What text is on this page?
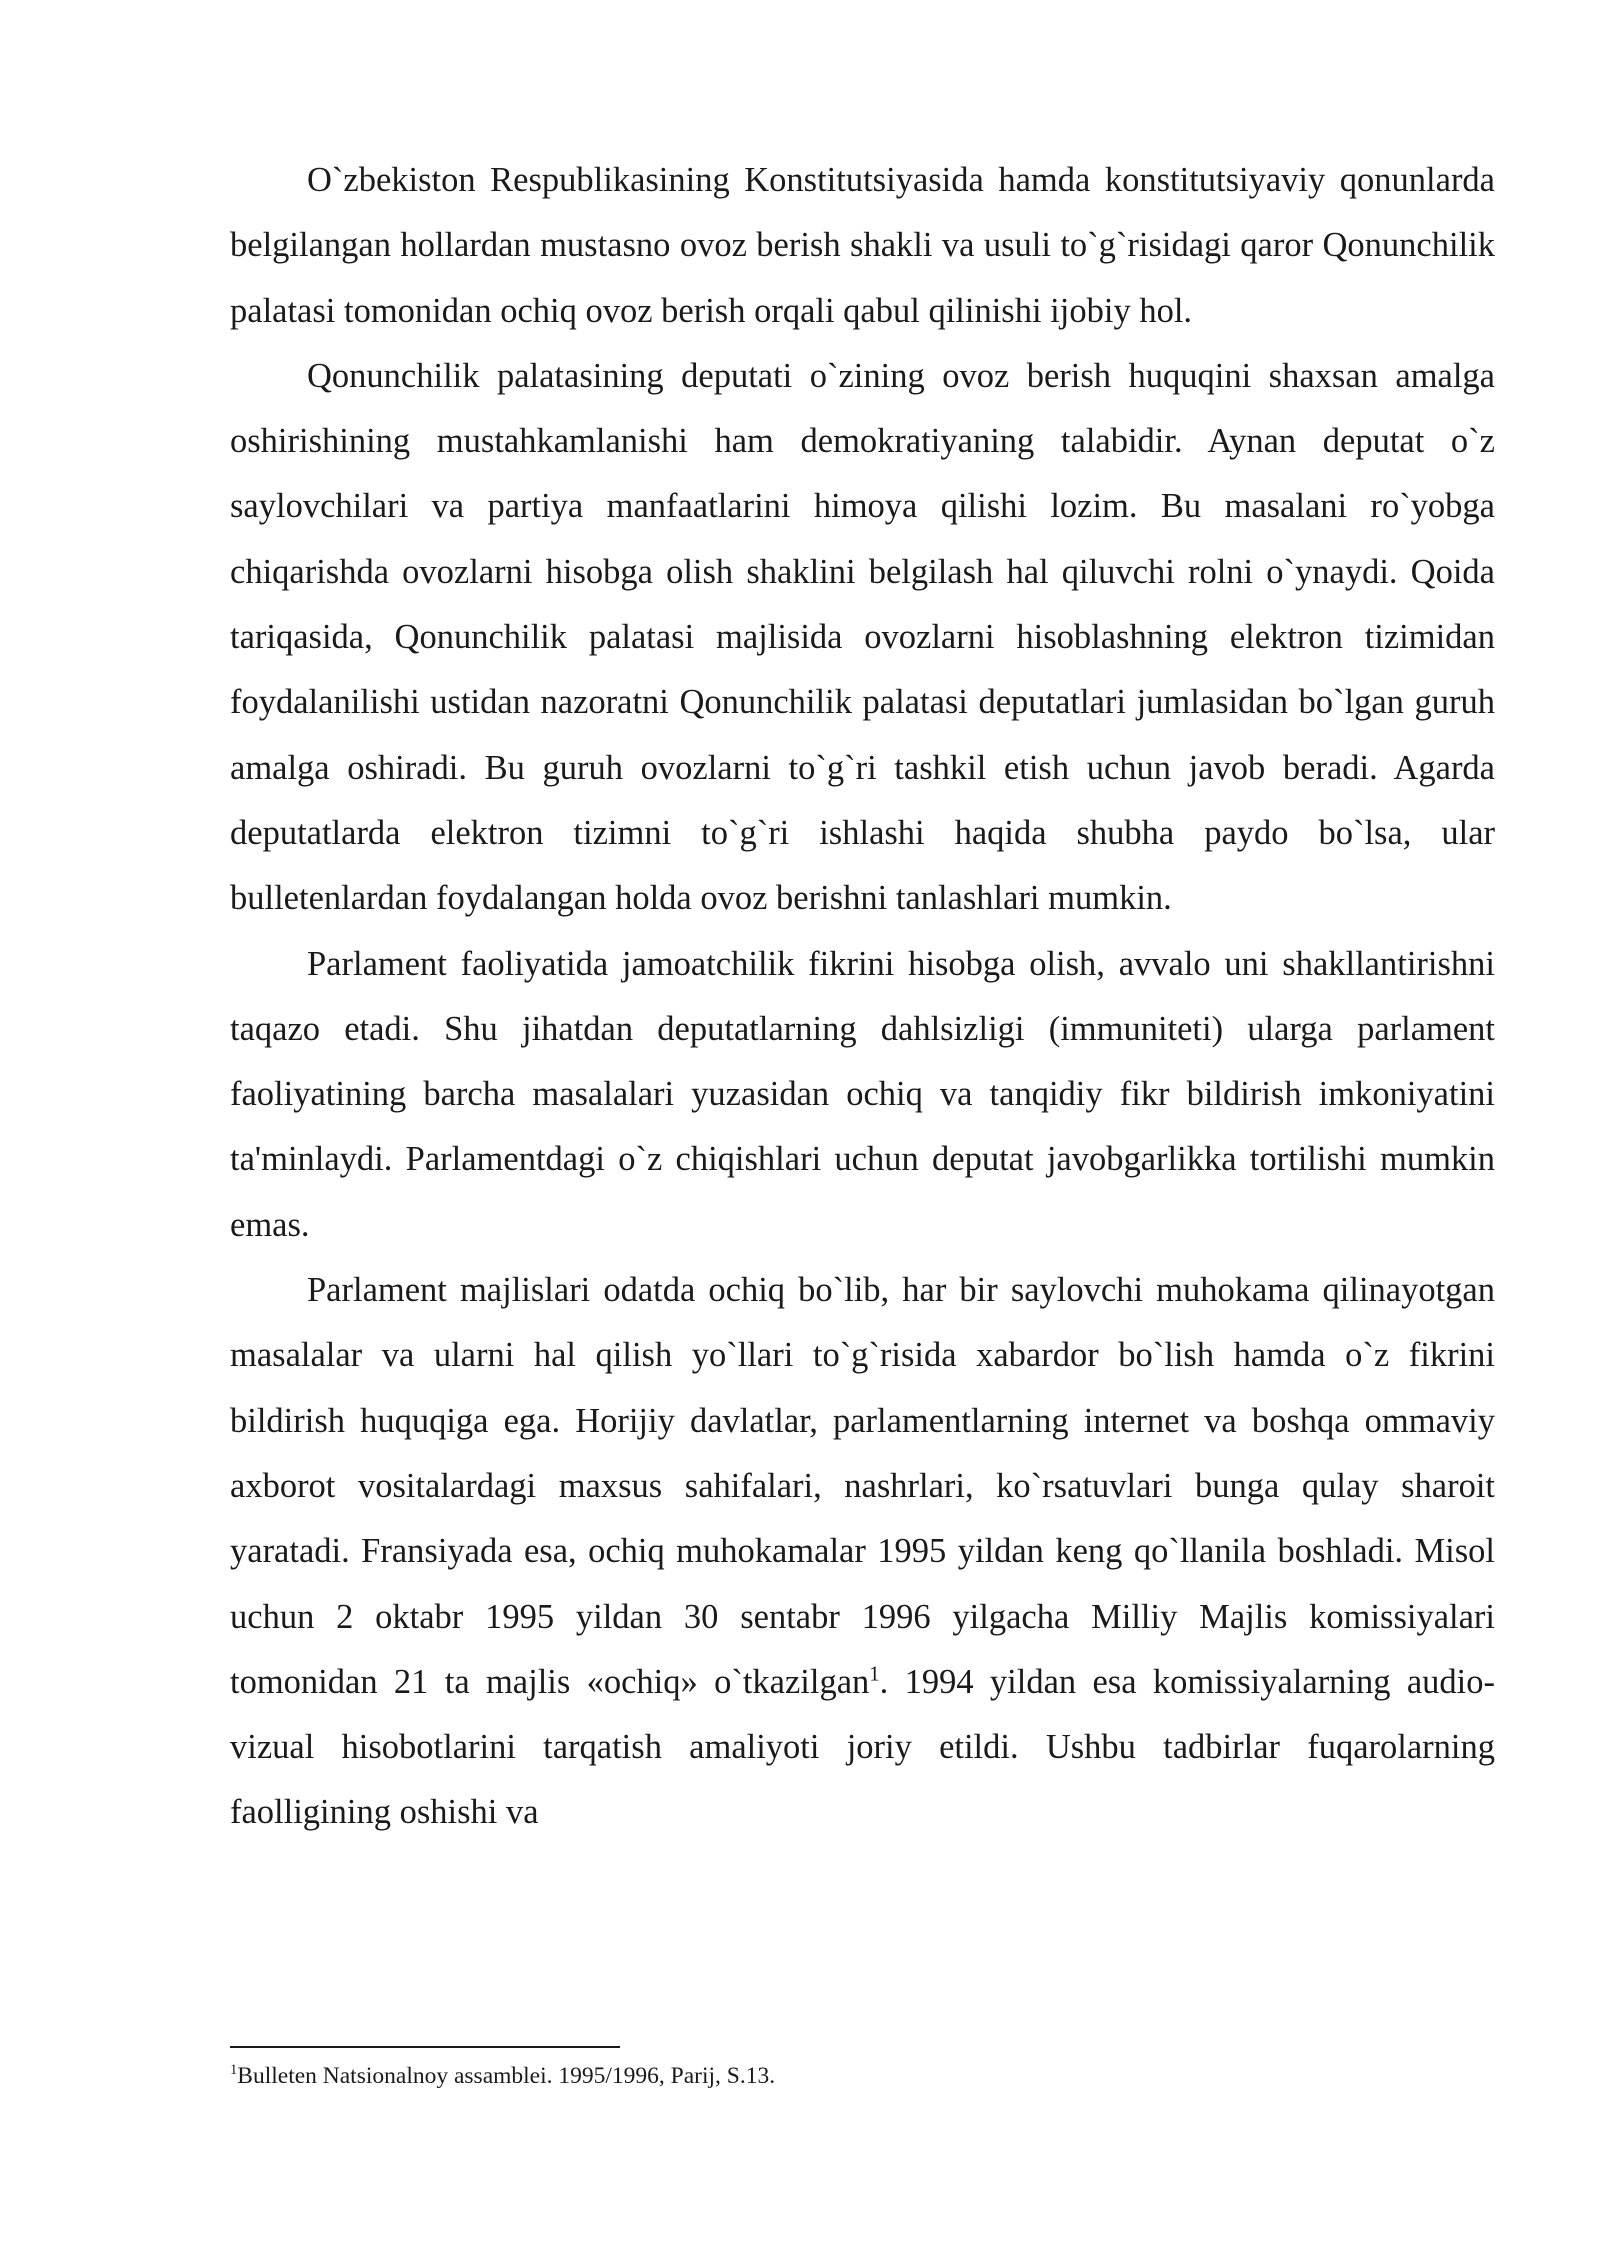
O`zbekiston Respublikasining Konstitutsiyasida hamda konstitutsiyaviy qonunlarda belgilangan hollardan mustasno ovoz berish shakli va usuli to`g`risidagi qaror Qonunchilik palatasi tomonidan ochiq ovoz berish orqali qabul qilinishi ijobiy hol.

Qonunchilik palatasining deputati o`zining ovoz berish huquqini shaxsan amalga oshirishining mustahkamlanishi ham demokratiyaning talabidir. Aynan deputat o`z saylovchilari va partiya manfaatlarini himoya qilishi lozim. Bu masalani ro`yobga chiqarishda ovozlarni hisobga olish shaklini belgilash hal qiluvchi rolni o`ynaydi. Qoida tariqasida, Qonunchilik palatasi majlisida ovozlarni hisoblashning elektron tizimidan foydalanilishi ustidan nazoratni Qonunchilik palatasi deputatlari jumlasidan bo`lgan guruh amalga oshiradi. Bu guruh ovozlarni to`g`ri tashkil etish uchun javob beradi. Agarda deputatlarda elektron tizimni to`g`ri ishlashi haqida shubha paydo bo`lsa, ular bulletenlardan foydalangan holda ovoz berishni tanlashlari mumkin.

Parlament faoliyatida jamoatchilik fikrini hisobga olish, avvalo uni shakllantirishni taqazo etadi. Shu jihatdan deputatlarning dahlsizligi (immuniteti) ularga parlament faoliyatining barcha masalalari yuzasidan ochiq va tanqidiy fikr bildirish imkoniyatini ta'minlaydi. Parlamentdagi o`z chiqishlari uchun deputat javobgarlikka tortilishi mumkin emas.

Parlament majlislari odatda ochiq bo`lib, har bir saylovchi muhokama qilinayotgan masalalar va ularni hal qilish yo`llari to`g`risida xabardor bo`lish hamda o`z fikrini bildirish huquqiga ega. Horijiy davlatlar, parlamentlarning internet va boshqa ommaviy axborot vositalardagi maxsus sahifalari, nashrlari, ko`rsatuvlari bunga qulay sharoit yaratadi. Fransiyada esa, ochiq muhokamalar 1995 yildan keng qo`llanila boshladi. Misol uchun 2 oktabr 1995 yildan 30 sentabr 1996 yilgacha Milliy Majlis komissiyalari tomonidan 21 ta majlis «ochiq» o`tkazilgan$^1$. 1994 yildan esa komissiyalarning audio-vizual hisobotlarini tarqatish amaliyoti joriy etildi. Ushbu tadbirlar fuqarolarning faolligining oshishi va

$^1$Bulleten Natsionalnoy assamblei. 1995/1996, Parij, S.13.
